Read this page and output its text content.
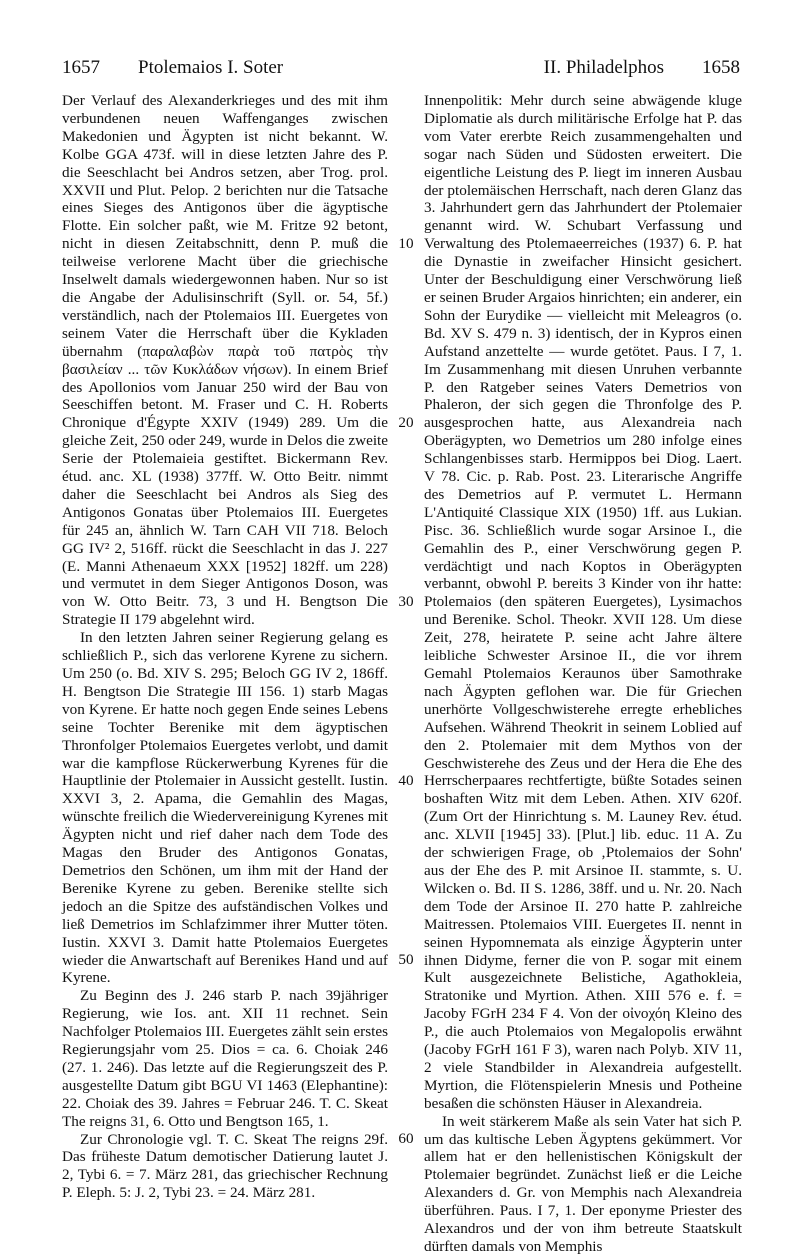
1657 Ptolemaios I. Soter	II. Philadelphos 1658

Der Verlauf des Alexanderkrieges und des mit ihm verbundenen neuen Waffenganges zwischen Makedonien und Ägypten ist nicht bekannt. W. Kolbe GGA 473f. will in diese letzten Jahre des P. die Seeschlacht bei Andros setzen, aber Trog. prol. XXVII und Plut. Pelop. 2 berichten nur die Tatsache eines Sieges des Antigonos über die ägyptische Flotte. Ein solcher paßt, wie M. Fritze 92 betont, nicht in diesen Zeitabschnitt, denn P. muß die teilweise verlorene Macht über die griechische Inselwelt damals wiedergewonnen haben. Nur so ist die Angabe der Adulisinschrift (Syll. or. 54, 5f.) verständlich, nach der Ptolemaios III. Euergetes von seinem Vater die Herrschaft über die Kykladen übernahm (παραλαβὼν παρὰ τοῦ πατρὸς τὴν βασιλείαν ... τῶν Κυκλάδων νήσων). In einem Brief des Apollonios vom Januar 250 wird der Bau von Seeschiffen betont. M. Fraser und C. H. Roberts Chronique d'Égypte XXIV (1949) 289. Um die gleiche Zeit, 250 oder 249, wurde in Delos die zweite Serie der Ptolemaieia gestiftet. Bickermann Rev. étud. anc. XL (1938) 377ff. W. Otto Beitr. nimmt daher die Seeschlacht bei Andros als Sieg des Antigonos Gonatas über Ptolemaios III. Euergetes für 245 an, ähnlich W. Tarn CAH VII 718. Beloch GG IV² 2, 516ff. rückt die Seeschlacht in das J. 227 (E. Manni Athenaeum XXX [1952] 182ff. um 228) und vermutet in dem Sieger Antigonos Doson, was von W. Otto Beitr. 73, 3 und H. Bengtson Die Strategie II 179 abgelehnt wird.

In den letzten Jahren seiner Regierung gelang es schließlich P., sich das verlorene Kyrene zu sichern. Um 250 (o. Bd. XIV S. 295; Beloch GG IV 2, 186ff. H. Bengtson Die Strategie III 156. 1) starb Magas von Kyrene. Er hatte noch gegen Ende seines Lebens seine Tochter Berenike mit dem ägyptischen Thronfolger Ptolemaios Euergetes verlobt, und damit war die kampflose Rückerwerbung Kyrenes für die Hauptlinie der Ptolemaier in Aussicht gestellt. Iustin. XXVI 3, 2. Apama, die Gemahlin des Magas, wünschte freilich die Wiedervereinigung Kyrenes mit Ägypten nicht und rief daher nach dem Tode des Magas den Bruder des Antigonos Gonatas, Demetrios den Schönen, um ihm mit der Hand der Berenike Kyrene zu geben. Berenike stellte sich jedoch an die Spitze des aufständischen Volkes und ließ Demetrios im Schlafzimmer ihrer Mutter töten. Iustin. XXVI 3. Damit hatte Ptolemaios Euergetes wieder die Anwartschaft auf Berenikes Hand und auf Kyrene.

Zu Beginn des J. 246 starb P. nach 39jähriger Regierung, wie Ios. ant. XII 11 rechnet. Sein Nachfolger Ptolemaios III. Euergetes zählt sein erstes Regierungsjahr vom 25. Dios = ca. 6. Choiak 246 (27. 1. 246). Das letzte auf die Regierungszeit des P. ausgestellte Datum gibt BGU VI 1463 (Elephantine): 22. Choiak des 39. Jahres = Februar 246. T. C. Skeat The reigns 31, 6. Otto und Bengtson 165, 1.

Zur Chronologie vgl. T. C. Skeat The reigns 29f. Das früheste Datum demotischer Datierung lautet J. 2, Tybi 6. = 7. März 281, das griechischer Rechnung P. Eleph. 5: J. 2, Tybi 23. = 24. März 281.

10
20
30
40
50
60

Innenpolitik: Mehr durch seine abwägende kluge Diplomatie als durch militärische Erfolge hat P. das vom Vater ererbte Reich zusammengehalten und sogar nach Süden und Südosten erweitert. Die eigentliche Leistung des P. liegt im inneren Ausbau der ptolemäischen Herrschaft, nach deren Glanz das 3. Jahrhundert gern das Jahrhundert der Ptolemaier genannt wird. W. Schubart Verfassung und Verwaltung des Ptolemaeerreiches (1937) 6. P. hat die Dynastie in zweifacher Hinsicht gesichert. Unter der Beschuldigung einer Verschwörung ließ er seinen Bruder Argaios hinrichten; ein anderer, ein Sohn der Eurydike — vielleicht mit Meleagros (o. Bd. XV S. 479 n. 3) identisch, der in Kypros einen Aufstand anzettelte — wurde getötet. Paus. I 7, 1. Im Zusammenhang mit diesen Unruhen verbannte P. den Ratgeber seines Vaters Demetrios von Phaleron, der sich gegen die Thronfolge des P. ausgesprochen hatte, aus Alexandreia nach Oberägypten, wo Demetrios um 280 infolge eines Schlangenbisses starb. Hermippos bei Diog. Laert. V 78. Cic. p. Rab. Post. 23. Literarische Angriffe des Demetrios auf P. vermutet L. Hermann L'Antiquité Classique XIX (1950) 1ff. aus Lukian. Pisc. 36. Schließlich wurde sogar Arsinoe I., die Gemahlin des P., einer Verschwörung gegen P. verdächtigt und nach Koptos in Oberägypten verbannt, obwohl P. bereits 3 Kinder von ihr hatte: Ptolemaios (den späteren Euergetes), Lysimachos und Berenike. Schol. Theokr. XVII 128. Um diese Zeit, 278, heiratete P. seine acht Jahre ältere leibliche Schwester Arsinoe II., die vor ihrem Gemahl Ptolemaios Keraunos über Samothrake nach Ägypten geflohen war. Die für Griechen unerhörte Vollgeschwisterehe erregte erhebliches Aufsehen. Während Theokrit in seinem Loblied auf den 2. Ptolemaier mit dem Mythos von der Geschwisterehe des Zeus und der Hera die Ehe des Herrscherpaares rechtfertigte, büßte Sotades seinen boshaften Witz mit dem Leben. Athen. XIV 620f. (Zum Ort der Hinrichtung s. M. Launey Rev. étud. anc. XLVII [1945] 33). [Plut.] lib. educ. 11 A. Zu der schwierigen Frage, ob ‚Ptolemaios der Sohn' aus der Ehe des P. mit Arsinoe II. stammte, s. U. Wilcken o. Bd. II S. 1286, 38ff. und u. Nr. 20. Nach dem Tode der Arsinoe II. 270 hatte P. zahlreiche Maitressen. Ptolemaios VIII. Euergetes II. nennt in seinen Hypomnemata als einzige Ägypterin unter ihnen Didyme, ferner die von P. sogar mit einem Kult ausgezeichnete Belistiche, Agathokleia, Stratonike und Myrtion. Athen. XIII 576 e. f. = Jacoby FGrH 234 F 4. Von der οἰνοχόη Kleino des P., die auch Ptolemaios von Megalopolis erwähnt (Jacoby FGrH 161 F 3), waren nach Polyb. XIV 11, 2 viele Standbilder in Alexandreia aufgestellt. Myrtion, die Flötenspielerin Mnesis und Potheine besaßen die schönsten Häuser in Alexandreia.

In weit stärkerem Maße als sein Vater hat sich P. um das kultische Leben Ägyptens gekümmert. Vor allem hat er den hellenistischen Königskult der Ptolemaier begründet. Zunächst ließ er die Leiche Alexanders d. Gr. von Memphis nach Alexandreia überführen. Paus. I 7, 1. Der eponyme Priester des Alexandros und der von ihm betreute Staatskult dürften damals von Memphis
